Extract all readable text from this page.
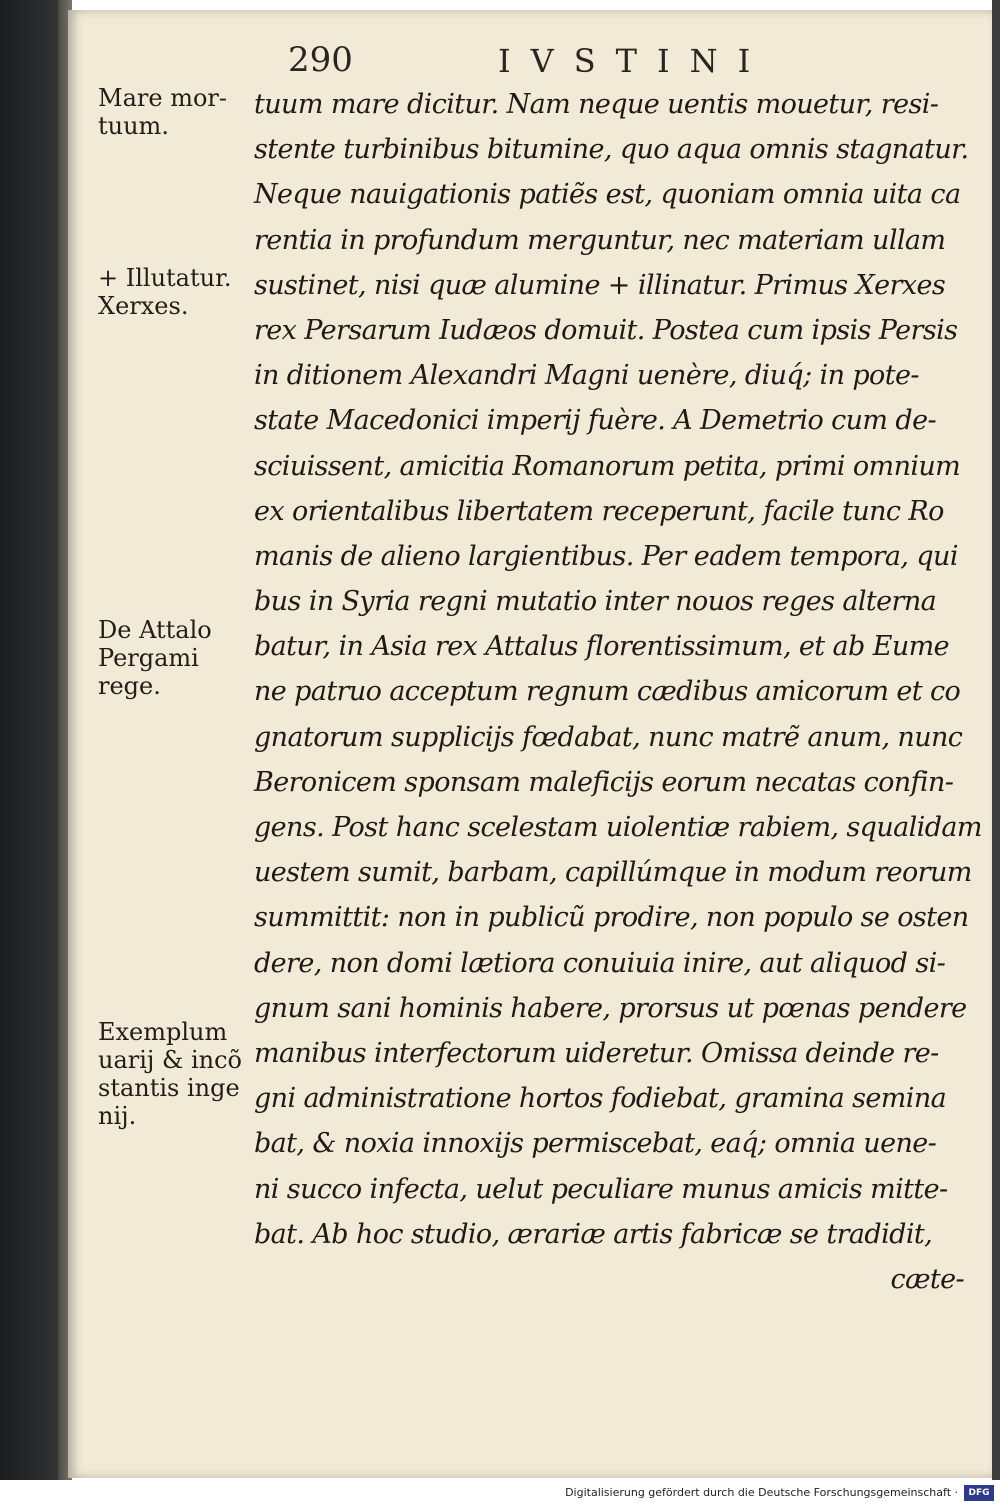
290	IVSTINI
Mare mor- tuum.
+ Illutatur. Xerxes.
De Attalo Pergami rege.
Exemplum uarij & incõ stantis inge nij.
tuum mare dicitur. Nam neque uentis mouetur, resi-
stente turbinibus bitumine, quo aqua omnis stagnatur.
Neque nauigationis patiẽs est, quoniam omnia uita ca
rentia in profundum merguntur, nec materiam ullam
sustinet, nisi quæ alumine + illinatur. Primus Xerxes
rex Persarum Iudæos domuit. Postea cum ipsis Persis
in ditionem Alexandri Magni uenère, diuq́; in pote-
state Macedonici imperij fuère. A Demetrio cum de-
sciuissent, amicitia Romanorum petita, primi omnium
ex orientalibus libertatem receperunt, facile tunc Ro
manis de alieno largientibus. Per eadem tempora, qui
bus in Syria regni mutatio inter nouos reges alterna
batur, in Asia rex Attalus florentissimum, et ab Eume
ne patruo acceptum regnum cædibus amicorum et co
gnatorum supplicijs fœdabat, nunc matrẽ anum, nunc
Beronicem sponsam maleficijs eorum necatas confin-
gens. Post hanc scelestam uiolentiæ rabiem, squalidam
uestem sumit, barbam, capillúmque in modum reorum
summittit: non in publicũ prodire, non populo se osten
dere, non domi lætiora conuiuia inire, aut aliquod si-
gnum sani hominis habere, prorsus ut pœnas pendere
manibus interfectorum uideretur. Omissa deinde re-
gni administratione hortos fodiebat, gramina semina
bat, & noxia innoxijs permiscebat, eaq́; omnia uene-
ni succo infecta, uelut peculiare munus amicis mitte-
bat. Ab hoc studio, ærariæ artis fabricæ se tradidit,
cæte-
Digitalisierung gefördert durch die Deutsche Forschungsgemeinschaft ·	DFG
